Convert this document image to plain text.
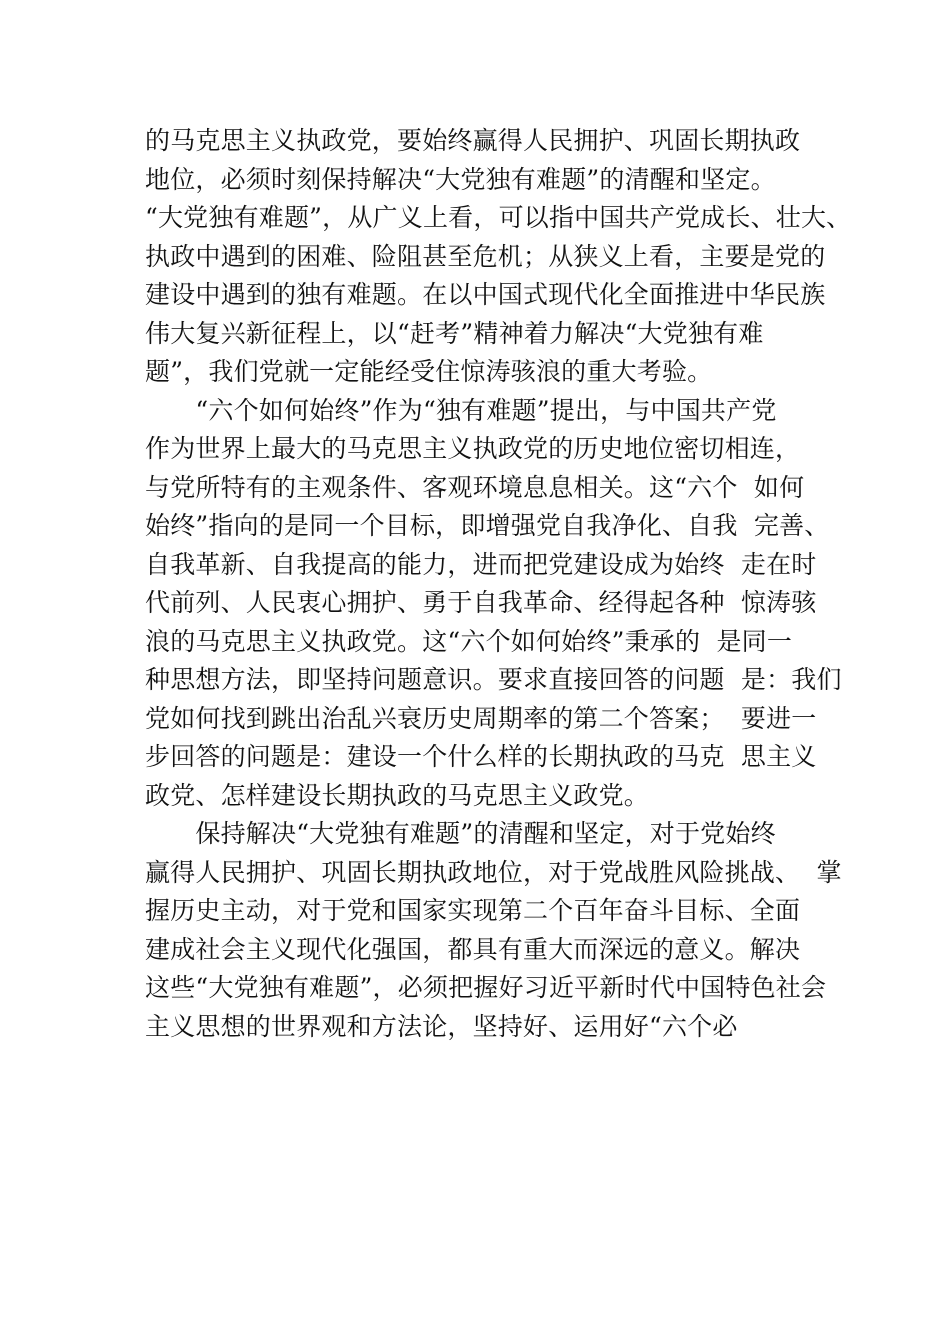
的马克思主义执政党，要始终赢得人民拥护、巩固长期执政
地位，必须时刻保持解决“大党独有难题”的清醒和坚定。
“大党独有难题”，从广义上看，可以指中国共产党成长、壮大、
执政中遇到的困难、险阻甚至危机；从狭义上看，主要是党的
建设中遇到的独有难题。在以中国式现代化全面推进中华民族
伟大复兴新征程上，以“赶考”精神着力解决“大党独有难
题”，我们党就一定能经受住惊涛骇浪的重大考验。
　　“六个如何始终”作为“独有难题”提出，与中国共产党
作为世界上最大的马克思主义执政党的历史地位密切相连，
与党所特有的主观条件、客观环境息息相关。这“六个  如何
始终”指向的是同一个目标，即增强党自我净化、自我  完善、
自我革新、自我提高的能力，进而把党建设成为始终  走在时
代前列、人民衷心拥护、勇于自我革命、经得起各种  惊涛骇
浪的马克思主义执政党。这“六个如何始终”秉承的  是同一
种思想方法，即坚持问题意识。要求直接回答的问题  是：我们
党如何找到跳出治乱兴衰历史周期率的第二个答案；  要进一
步回答的问题是：建设一个什么样的长期执政的马克  思主义
政党、怎样建设长期执政的马克思主义政党。
　　保持解决“大党独有难题”的清醒和坚定，对于党始终
赢得人民拥护、巩固长期执政地位，对于党战胜风险挑战、  掌
握历史主动，对于党和国家实现第二个百年奋斗目标、全面
建成社会主义现代化强国，都具有重大而深远的意义。解决
这些“大党独有难题”，必须把握好习近平新时代中国特色社会
主义思想的世界观和方法论，坚持好、运用好“六个必
